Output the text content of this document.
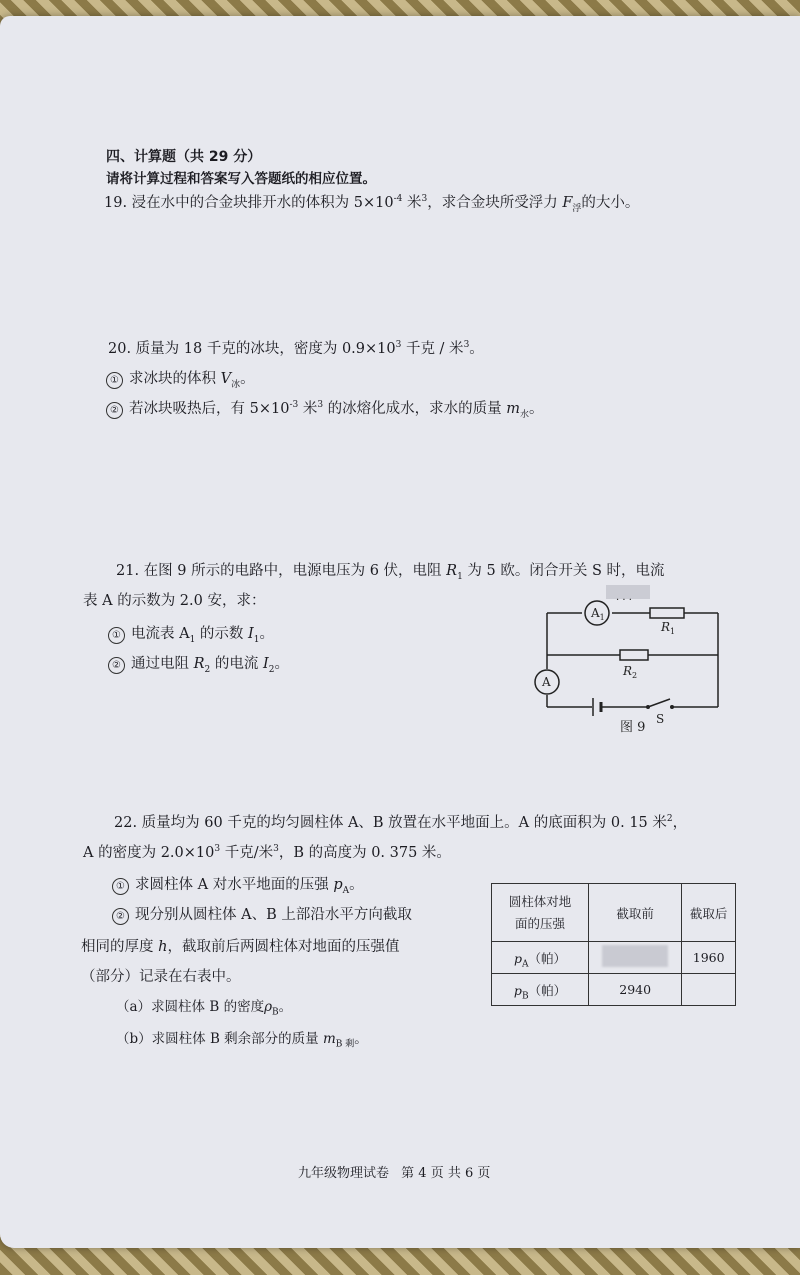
四、计算题（共 29 分）
请将计算过程和答案写入答题纸的相应位置。
19. 浸在水中的合金块排开水的体积为 $5\times 10^{-4}$ 米$^3$，求合金块所受浮力 $F_浮$的大小。
20. 质量为 18 千克的冰块，密度为 $0.9\times 10^3$ 千克 / 米$^3$。
① 求冰块的体积 $V_冰$。
② 若冰块吸热后，有 $5\times 10^{-3}$ 米$^3$ 的冰熔化成水，求水的质量 $m_水$。
21. 在图 9 所示的电路中，电源电压为 6 伏，电阻 $R_1$ 为 5 欧。闭合开关 S 时，电流
表 A 的示数为 2.0 安，求：
① 电流表 $A_1$ 的示数 $I_1$。
② 通过电阻 $R_2$ 的电流 $I_2$。
$A_1$
· · ·
A
$R_1$
$R_2$
S
图 9
22. 质量均为 60 千克的均匀圆柱体 A、B 放置在水平地面上。A 的底面积为 0. 15 米$^2$，
A 的密度为 $2.0\times 10^3$ 千克/米$^3$，B 的高度为 0. 375 米。
① 求圆柱体 A 对水平地面的压强 $p_A$。
② 现分别从圆柱体 A、B 上部沿水平方向截取
相同的厚度 h，截取前后两圆柱体对地面的压强值
（部分）记录在右表中。
（a）求圆柱体 B 的密度$\rho_B$。
（b）求圆柱体 B 剩余部分的质量 $m_{B 剩}$。
圆柱体对地
面的压强	截取前	截取后
$p_A$（帕）		1960
$p_B$（帕）	2940	
九年级物理试卷 第 4 页 共 6 页
